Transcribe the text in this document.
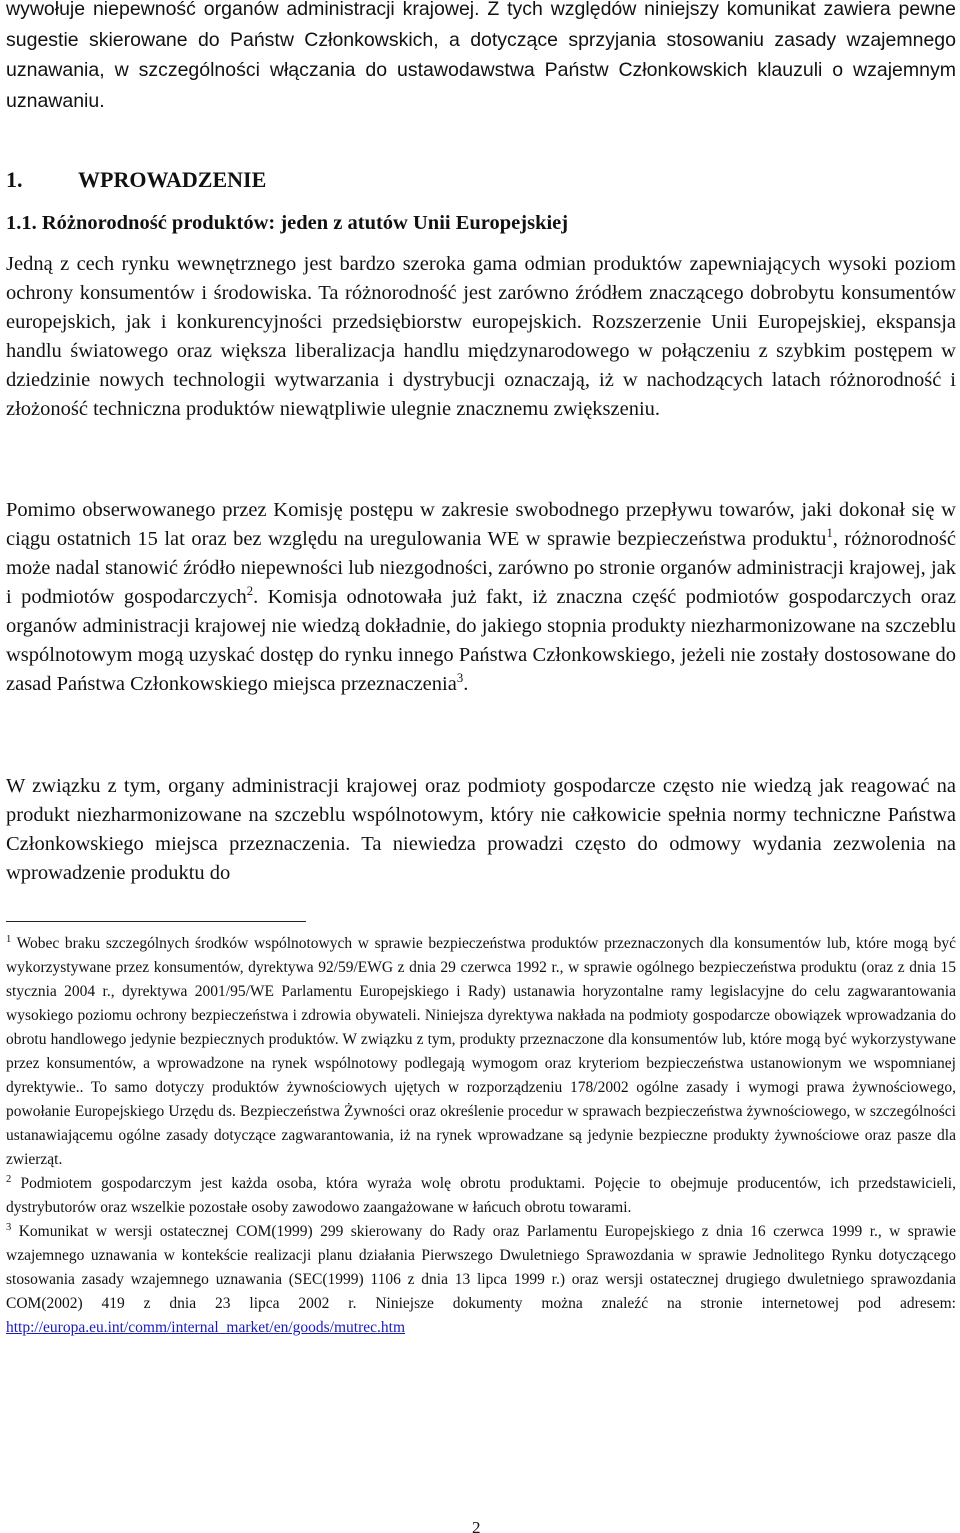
wywołuje niepewność organów administracji krajowej. Z tych względów niniejszy komunikat zawiera pewne sugestie skierowane do Państw Członkowskich, a dotyczące sprzyjania stosowaniu zasady wzajemnego uznawania, w szczególności włączania do ustawodawstwa Państw Członkowskich klauzuli o wzajemnym uznawaniu.

1.	WPROWADZENIE
1.1. Różnorodność produktów: jeden z atutów Unii Europejskiej

Jedną z cech rynku wewnętrznego jest bardzo szeroka gama odmian produktów zapewniających wysoki poziom ochrony konsumentów i środowiska. Ta różnorodność jest zarówno źródłem znaczącego dobrobytu konsumentów europejskich, jak i konkurencyjności przedsiębiorstw europejskich. Rozszerzenie Unii Europejskiej, ekspansja handlu światowego oraz większa liberalizacja handlu międzynarodowego w połączeniu z szybkim postępem w dziedzinie nowych technologii wytwarzania i dystrybucji oznaczają, iż w nachodzących latach różnorodność i złożoność techniczna produktów niewątpliwie ulegnie znacznemu zwiększeniu.

Pomimo obserwowanego przez Komisję postępu w zakresie swobodnego przepływu towarów, jaki dokonał się w ciągu ostatnich 15 lat oraz bez względu na uregulowania WE w sprawie bezpieczeństwa produktu$^1$, różnorodność może nadal stanowić źródło niepewności lub niezgodności, zarówno po stronie organów administracji krajowej, jak i podmiotów gospodarczych$^2$. Komisja odnotowała już fakt, iż znaczna część podmiotów gospodarczych oraz organów administracji krajowej nie wiedzą dokładnie, do jakiego stopnia produkty niezharmonizowane na szczeblu wspólnotowym mogą uzyskać dostęp do rynku innego Państwa Członkowskiego, jeżeli nie zostały dostosowane do zasad Państwa Członkowskiego miejsca przeznaczenia$^3$.

W związku z tym, organy administracji krajowej oraz podmioty gospodarcze często nie wiedzą jak reagować na produkt niezharmonizowane na szczeblu wspólnotowym, który nie całkowicie spełnia normy techniczne Państwa Członkowskiego miejsca przeznaczenia. Ta niewiedza prowadzi często do odmowy wydania zezwolenia na wprowadzenie produktu do

$^1$ Wobec braku szczególnych środków wspólnotowych w sprawie bezpieczeństwa produktów przeznaczonych dla konsumentów lub, które mogą być wykorzystywane przez konsumentów, dyrektywa 92/59/EWG z dnia 29 czerwca 1992 r., w sprawie ogólnego bezpieczeństwa produktu (oraz z dnia 15 stycznia 2004 r., dyrektywa 2001/95/WE Parlamentu Europejskiego i Rady) ustanawia horyzontalne ramy legislacyjne do celu zagwarantowania wysokiego poziomu ochrony bezpieczeństwa i zdrowia obywateli. Niniejsza dyrektywa nakłada na podmioty gospodarcze obowiązek wprowadzania do obrotu handlowego jedynie bezpiecznych produktów. W związku z tym, produkty przeznaczone dla konsumentów lub, które mogą być wykorzystywane przez konsumentów, a wprowadzone na rynek wspólnotowy podlegają wymogom oraz kryteriom bezpieczeństwa ustanowionym we wspomnianej dyrektywie.. To samo dotyczy produktów żywnościowych ujętych w rozporządzeniu 178/2002 ogólne zasady i wymogi prawa żywnościowego, powołanie Europejskiego Urzędu ds. Bezpieczeństwa Żywności oraz określenie procedur w sprawach bezpieczeństwa żywnościowego, w szczególności ustanawiającemu ogólne zasady dotyczące zagwarantowania, iż na rynek wprowadzane są jedynie bezpieczne produkty żywnościowe oraz pasze dla zwierząt.

$^2$ Podmiotem gospodarczym jest każda osoba, która wyraża wolę obrotu produktami. Pojęcie to obejmuje producentów, ich przedstawicieli, dystrybutorów oraz wszelkie pozostałe osoby zawodowo zaangażowane w łańcuch obrotu towarami.

$^3$ Komunikat w wersji ostatecznej COM(1999) 299 skierowany do Rady oraz Parlamentu Europejskiego z dnia 16 czerwca 1999 r., w sprawie wzajemnego uznawania w kontekście realizacji planu działania Pierwszego Dwuletniego Sprawozdania w sprawie Jednolitego Rynku dotyczącego stosowania zasady wzajemnego uznawania (SEC(1999) 1106 z dnia 13 lipca 1999 r.) oraz wersji ostatecznej drugiego dwuletniego sprawozdania COM(2002) 419 z dnia 23 lipca 2002 r. Niniejsze dokumenty można znaleźć na stronie internetowej pod adresem: http://europa.eu.int/comm/internal_market/en/goods/mutrec.htm

2
